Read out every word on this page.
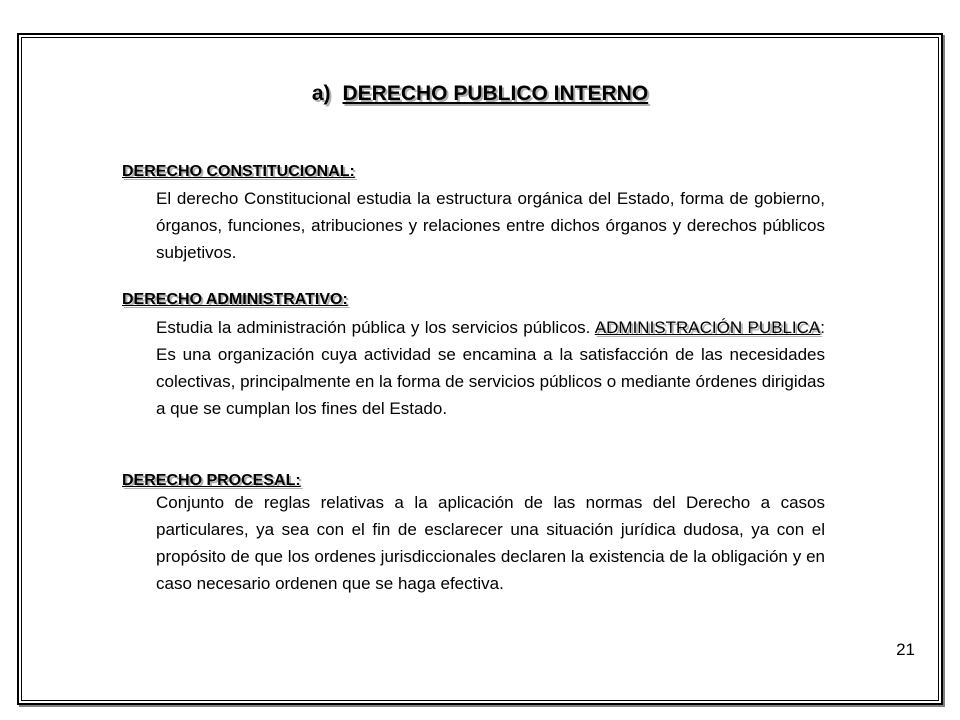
a) DERECHO PUBLICO INTERNO
DERECHO CONSTITUCIONAL:

El derecho Constitucional estudia la estructura orgánica del Estado, forma de gobierno, órganos, funciones, atribuciones y relaciones entre dichos órganos y derechos públicos subjetivos.

DERECHO ADMINISTRATIVO:

Estudia la administración pública y los servicios públicos. ADMINISTRACIÓN PUBLICA: Es una organización cuya actividad se encamina a la satisfacción de las necesidades colectivas, principalmente en la forma de servicios públicos o mediante órdenes dirigidas a que se cumplan los fines del Estado.

DERECHO PROCESAL:

Conjunto de reglas relativas a la aplicación de las normas del Derecho a casos particulares, ya sea con el fin de esclarecer una situación jurídica dudosa, ya con el propósito de que los ordenes jurisdiccionales declaren la existencia de la obligación y en caso necesario ordenen que se haga efectiva.

21
